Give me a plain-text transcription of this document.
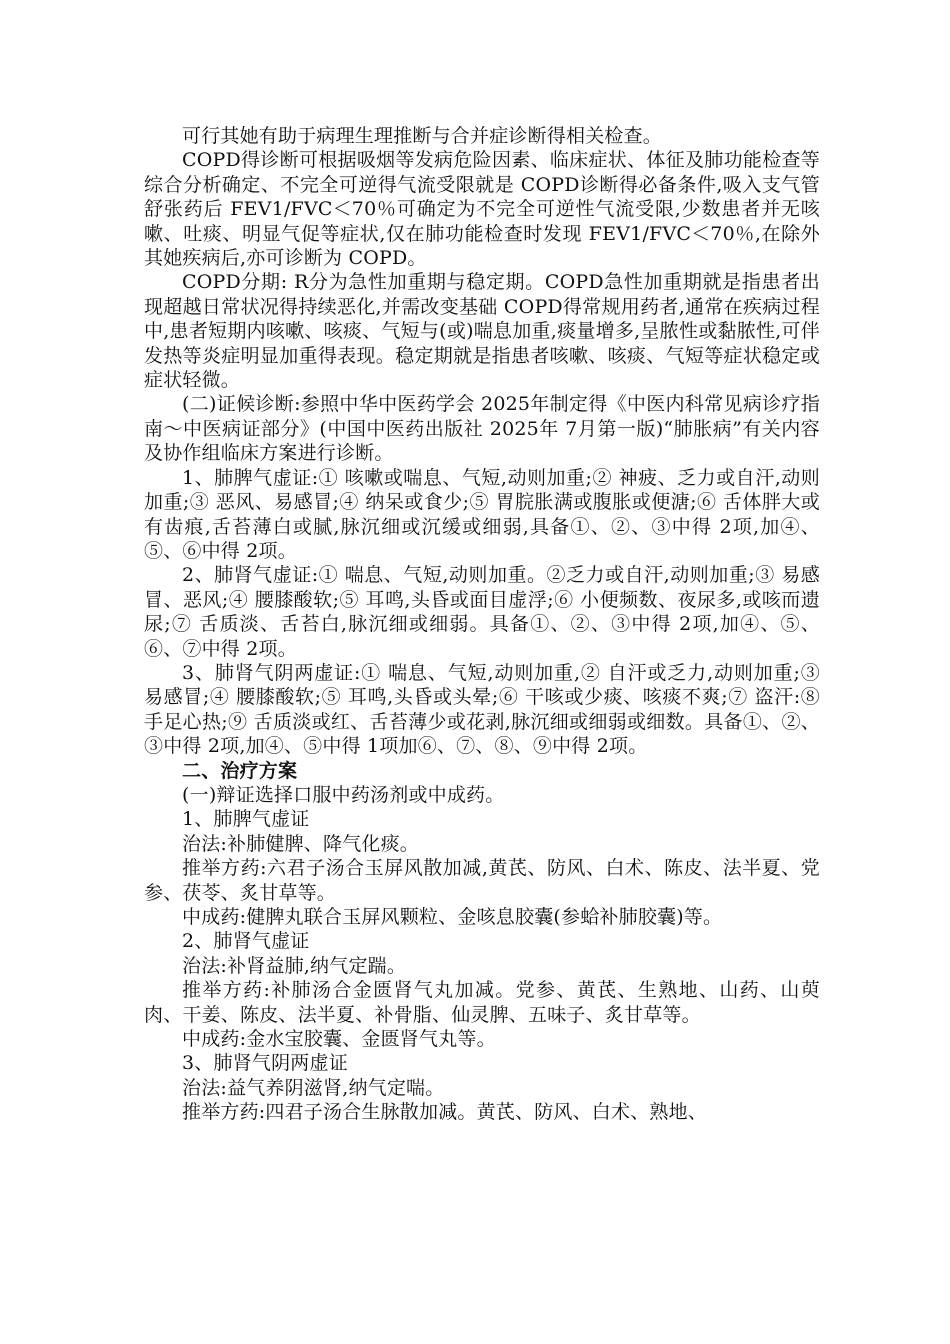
可行其她有助于病理生理推断与合并症诊断得相关检查。

COPD得诊断可根据吸烟等发病危险因素、临床症状、体征及肺功能检查等综合分析确定、不完全可逆得气流受限就是 COPD诊断得必备条件,吸入支气管舒张药后 FEV1/FVC＜70％可确定为不完全可逆性气流受限,少数患者并无咳嗽、吐痰、明显气促等症状,仅在肺功能检查时发现 FEV1/FVC＜70％,在除外其她疾病后,亦可诊断为 COPD。

COPD分期: R分为急性加重期与稳定期。COPD急性加重期就是指患者出现超越日常状况得持续恶化,并需改变基础 COPD得常规用药者,通常在疾病过程中,患者短期内咳嗽、咳痰、气短与(或)喘息加重,痰量增多,呈脓性或黏脓性,可伴发热等炎症明显加重得表现。稳定期就是指患者咳嗽、咳痰、气短等症状稳定或症状轻微。

(二)证候诊断:参照中华中医药学会 2025年制定得《中医内科常见病诊疗指南～中医病证部分》(中国中医药出版社 2025年 7月第一版)“肺胀病”有关内容及协作组临床方案进行诊断。

1、肺脾气虚证:① 咳嗽或喘息、气短,动则加重;② 神疲、乏力或自汗,动则加重;③ 恶风、易感冒;④ 纳呆或食少;⑤ 胃脘胀满或腹胀或便溏;⑥ 舌体胖大或有齿痕,舌苔薄白或腻,脉沉细或沉缓或细弱,具备①、②、③中得 2项,加④、⑤、⑥中得 2项。

2、肺肾气虚证:① 喘息、气短,动则加重。②乏力或自汗,动则加重;③ 易感冒、恶风;④ 腰膝酸软;⑤ 耳鸣,头昏或面目虚浮;⑥ 小便频数、夜尿多,或咳而遗尿;⑦ 舌质淡、舌苔白,脉沉细或细弱。具备①、②、③中得 2项,加④、⑤、⑥、⑦中得 2项。

3、肺肾气阴两虚证:① 喘息、气短,动则加重,② 自汗或乏力,动则加重;③ 易感冒;④ 腰膝酸软;⑤ 耳鸣,头昏或头晕;⑥ 干咳或少痰、咳痰不爽;⑦ 盗汗:⑧ 手足心热;⑨ 舌质淡或红、舌苔薄少或花剥,脉沉细或细弱或细数。具备①、②、③中得 2项,加④、⑤中得 1项加⑥、⑦、⑧、⑨中得 2项。

二、治疗方案

(一)辩证选择口服中药汤剂或中成药。

1、肺脾气虚证

治法:补肺健脾、降气化痰。

推举方药:六君子汤合玉屏风散加减,黄芪、防风、白术、陈皮、法半夏、党参、茯苓、炙甘草等。

中成药:健脾丸联合玉屏风颗粒、金咳息胶囊(参蛤补肺胶囊)等。

2、肺肾气虚证

治法:补肾益肺,纳气定踹。

推举方药:补肺汤合金匮肾气丸加减。党参、黄芪、生熟地、山药、山萸肉、干姜、陈皮、法半夏、补骨脂、仙灵脾、五味子、炙甘草等。

中成药:金水宝胶囊、金匮肾气丸等。

3、肺肾气阴两虚证

治法:益气养阴滋肾,纳气定喘。

推举方药:四君子汤合生脉散加减。黄芪、防风、白术、熟地、
